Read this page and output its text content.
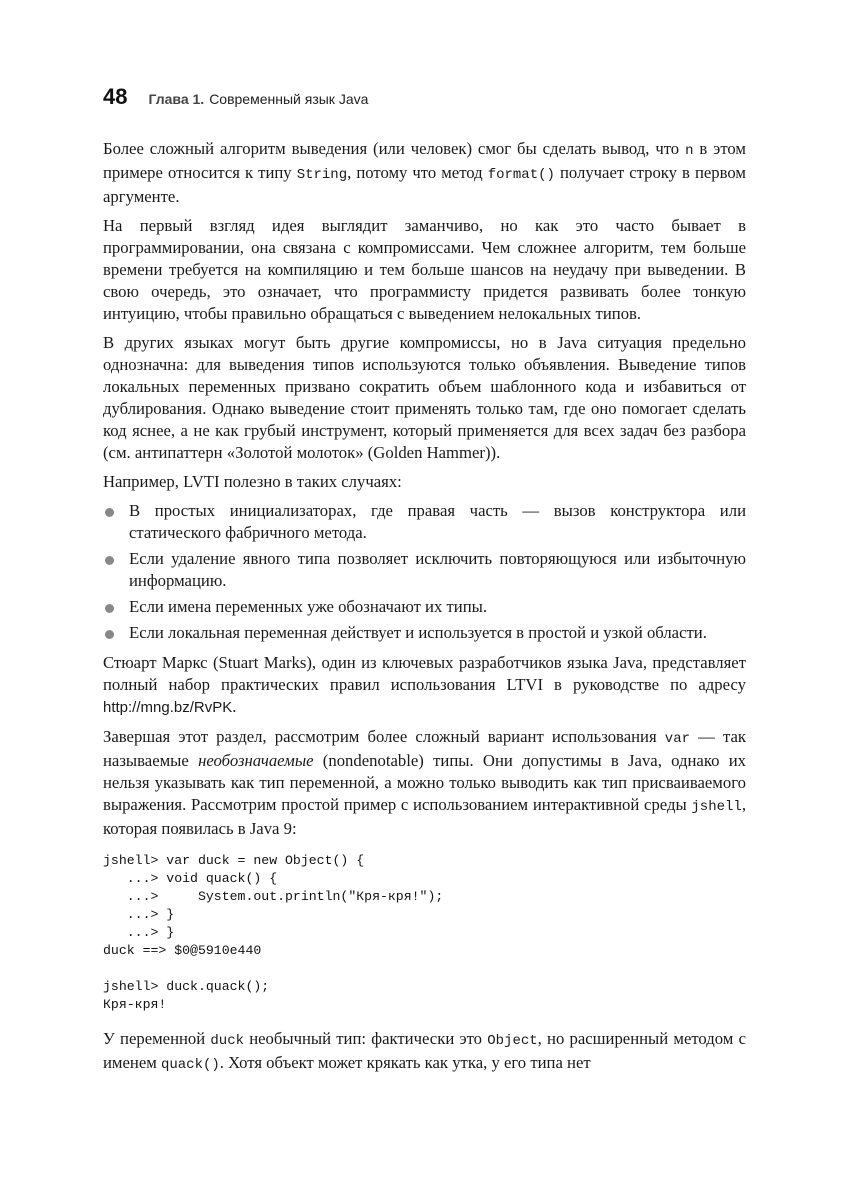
48 Глава 1. Современный язык Java

Более сложный алгоритм выведения (или человек) смог бы сделать вывод, что n в этом примере относится к типу String, потому что метод format() получает строку в первом аргументе.

На первый взгляд идея выглядит заманчиво, но как это часто бывает в программировании, она связана с компромиссами. Чем сложнее алгоритм, тем больше времени требуется на компиляцию и тем больше шансов на неудачу при выведении. В свою очередь, это означает, что программисту придется развивать более тонкую интуицию, чтобы правильно обращаться с выведением нелокальных типов.

В других языках могут быть другие компромиссы, но в Java ситуация предельно однозначна: для выведения типов используются только объявления. Выведение типов локальных переменных призвано сократить объем шаблонного кода и избавиться от дублирования. Однако выведение стоит применять только там, где оно помогает сделать код яснее, а не как грубый инструмент, который применяется для всех задач без разбора (см. антипаттерн «Золотой молоток» (Golden Hammer)).

Например, LVTI полезно в таких случаях:

В простых инициализаторах, где правая часть — вызов конструктора или статического фабричного метода.
Если удаление явного типа позволяет исключить повторяющуюся или избыточную информацию.
Если имена переменных уже обозначают их типы.
Если локальная переменная действует и используется в простой и узкой области.

Стюарт Маркс (Stuart Marks), один из ключевых разработчиков языка Java, представляет полный набор практических правил использования LTVI в руководстве по адресу http://mng.bz/RvPK.

Завершая этот раздел, рассмотрим более сложный вариант использования var — так называемые необозначаемые (nondenotable) типы. Они допустимы в Java, однако их нельзя указывать как тип переменной, а можно только выводить как тип присваиваемого выражения. Рассмотрим простой пример с использованием интерактивной среды jshell, которая появилась в Java 9:

jshell> var duck = new Object() {
...> void quack() {
...>     System.out.println("Кря-кря!");
...> }
...> }
duck ==> $0@5910e440
jshell> duck.quack();
Кря-кря!

У переменной duck необычный тип: фактически это Object, но расширенный методом с именем quack(). Хотя объект может крякать как утка, у его типа нет
